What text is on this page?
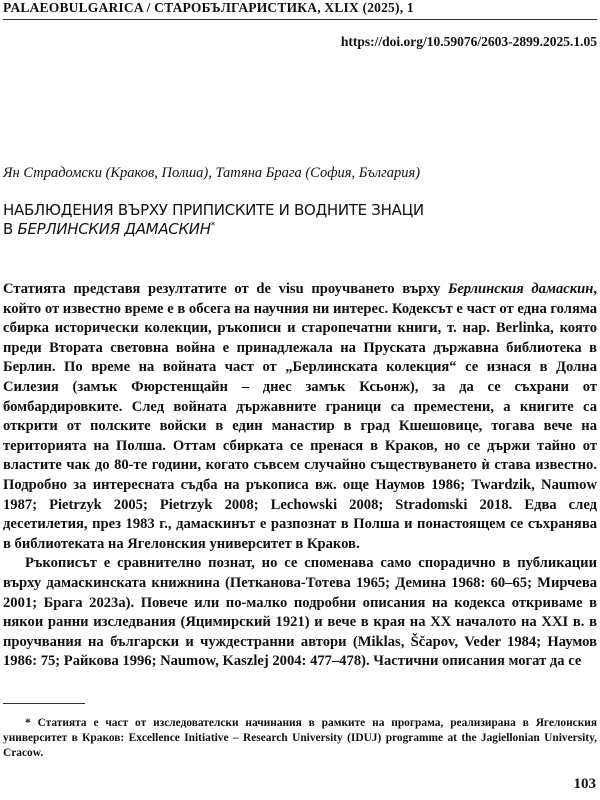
PALAEOBULGARICA / СТАРОБЪЛГАРИСТИКА, XLIX (2025), 1
https://doi.org/10.59076/2603-2899.2025.1.05
Ян Страдомски (Краков, Полша), Татяна Брага (София, България)
НАБЛЮДЕНИЯ ВЪРХУ ПРИПИСКИТЕ И ВОДНИТЕ ЗНАЦИ
В БЕРЛИНСКИЯ ДАМАСКИН*

Статията представя резултатите от de visu проучването върху Берлинския дамаскин, който от известно време е в обсега на научния ни интерес. Кодексът е част от една голяма сбирка исторически колекции, ръкописи и старопечатни книги, т. нар. Berlinka, която преди Втората световна война е принадлежала на Пруската държавна библиотека в Берлин. По време на войната част от „Берлинската колекция“ се изнася в Долна Силезия (замък Фюрстенщайн – днес замък Ксьонж), за да се съхрани от бомбардировките. След войната държавните граници са преместени, а книгите са открити от полските войски в един манастир в град Кшешовице, тогава вече на територията на Полша. Оттам сбирката се пренася в Краков, но се държи тайно от властите чак до 80-те години, когато съвсем случайно съществуването ѝ става известно. Подробно за интересната съдба на ръкописа вж. още Наумов 1986; Twardzik, Naumow 1987; Pietrzyk 2005; Pietrzyk 2008; Lechowski 2008; Stradomski 2018. Едва след десетилетия, през 1983 г., дамаскинът е разпознат в Полша и понастоящем се съхранява в библиотеката на Ягелонския университет в Краков.

Ръкописът е сравнително познат, но се споменава само спорадично в публикации върху дамаскинската книжнина (Петканова-Тотева 1965; Демина 1968: 60–65; Мирчева 2001; Брага 2023а). Повече или по-малко подробни описания на кодекса откриваме в някои ранни изследвания (Яцимирский 1921) и вече в края на XX началото на XXI в. в проучвания на български и чуждестранни автори (Miklas, Ščapov, Veder 1984; Наумов 1986: 75; Райкова 1996; Naumow, Kaszlej 2004: 477–478). Частични описания могат да се

* Статията е част от изследователски начинания в рамките на програма, реализирана в Ягелонския университет в Краков: Excellence Initiative – Research University (IDUJ) programme at the Jagiellonian University, Cracow.

103
